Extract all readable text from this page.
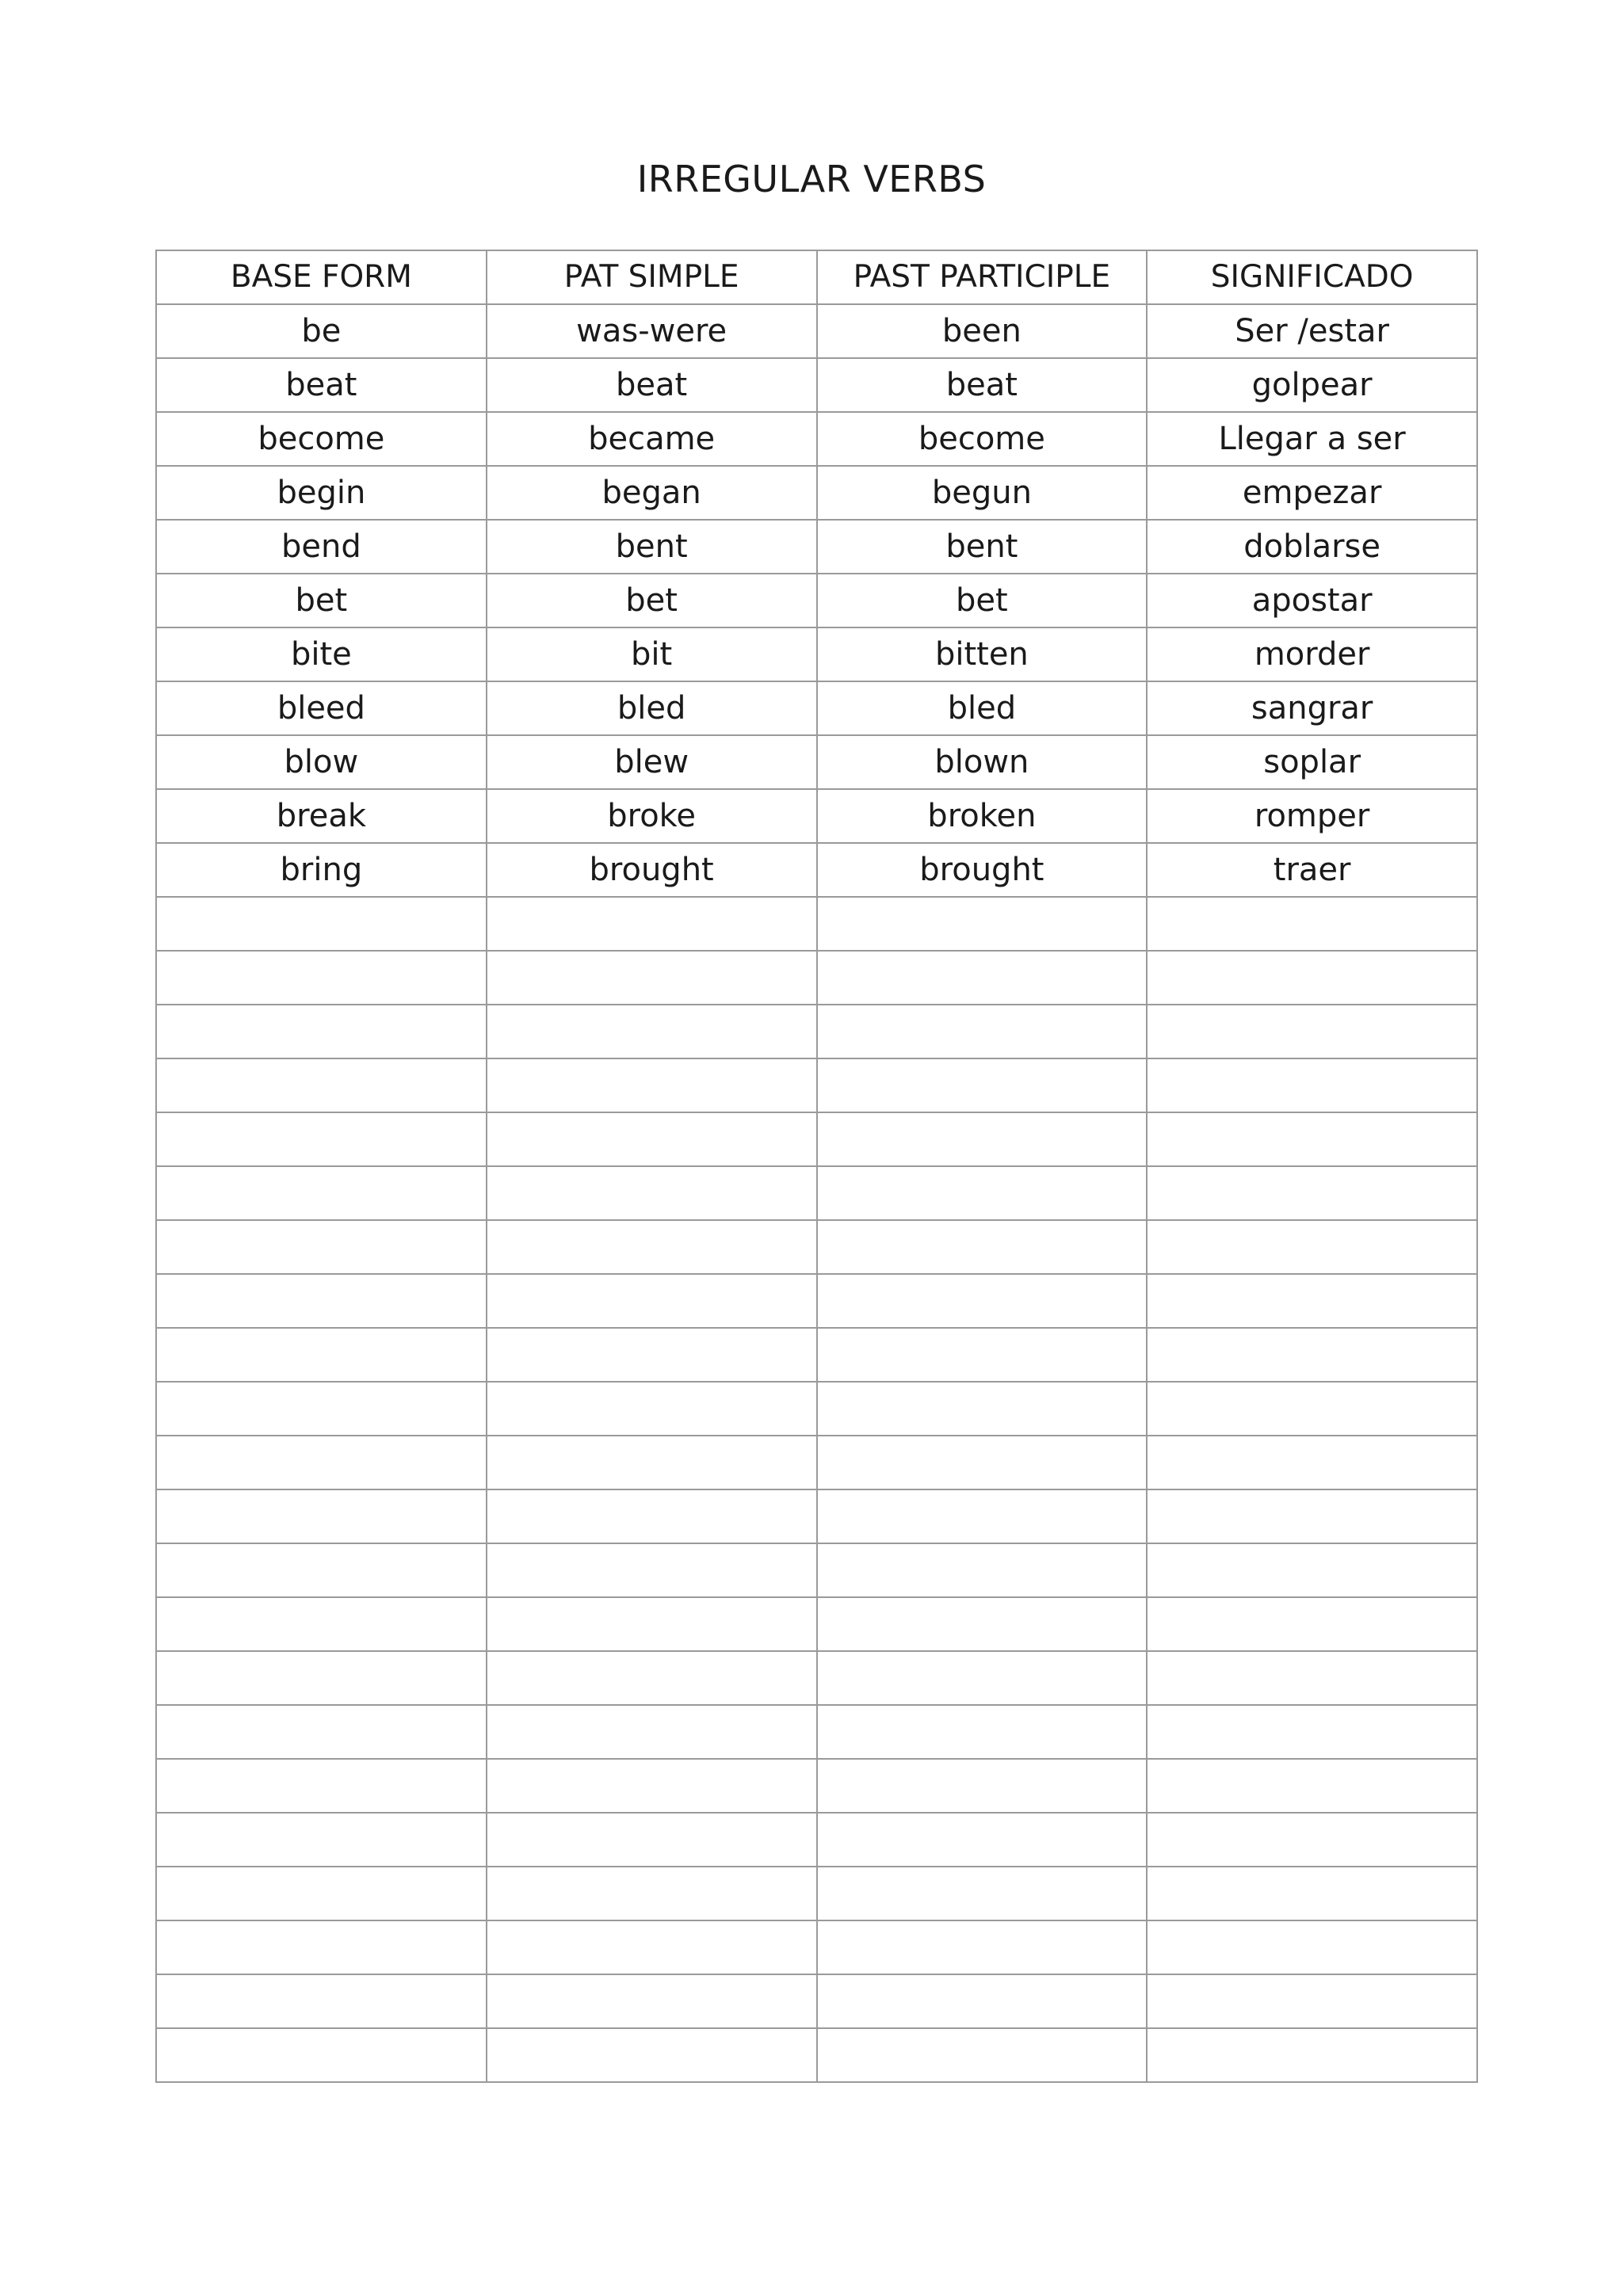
IRREGULAR VERBS
BASE FORM	PAT SIMPLE	PAST PARTICIPLE	SIGNIFICADO
be	was-were	been	Ser /estar
beat	beat	beat	golpear
become	became	become	Llegar a ser
begin	began	begun	empezar
bend	bent	bent	doblarse
bet	bet	bet	apostar
bite	bit	bitten	morder
bleed	bled	bled	sangrar
blow	blew	blown	soplar
break	broke	broken	romper
bring	brought	brought	traer
